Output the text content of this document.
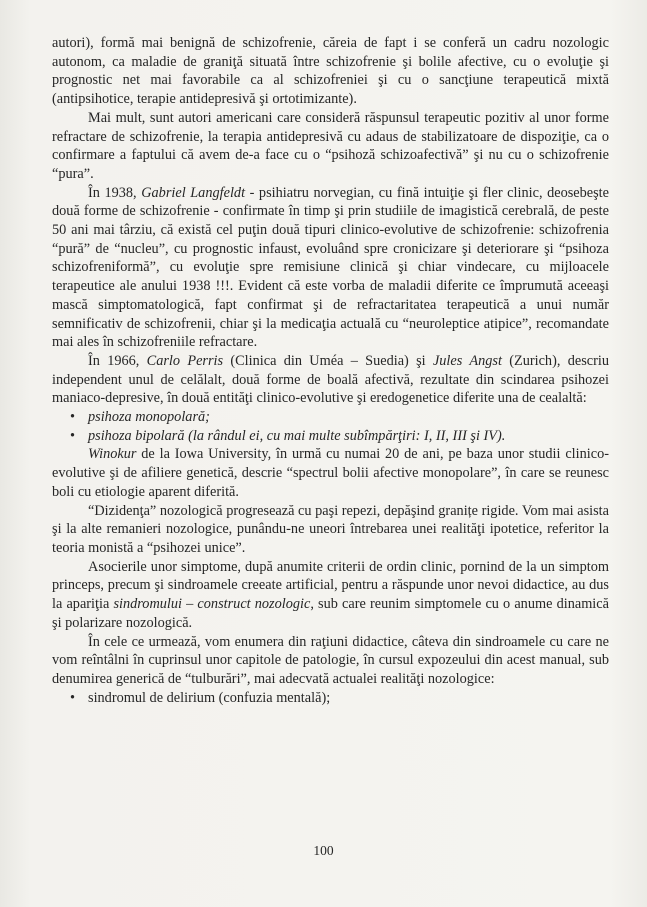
autori), formă mai benignă de schizofrenie, căreia de fapt i se conferă un cadru nozologic autonom, ca maladie de graniţă situată între schizofrenie şi bolile afective, cu o evoluţie şi prognostic net mai favorabile ca al schizofreniei şi cu o sancţiune terapeutică mixtă (antipsihotice, terapie antidepresivă şi ortotimizante).

Mai mult, sunt autori americani care consideră răspunsul terapeutic pozitiv al unor forme refractare de schizofrenie, la terapia antidepresivă cu adaus de stabilizatoare de dispoziţie, ca o confirmare a faptului că avem de-a face cu o “psihoză schizoafectivă” şi nu cu o schizofrenie “pura”.

În 1938, Gabriel Langfeldt - psihiatru norvegian, cu fină intuiţie şi fler clinic, deosebeşte două forme de schizofrenie - confirmate în timp şi prin studiile de imagistică cerebrală, de peste 50 ani mai târziu, că există cel puţin două tipuri clinico-evolutive de schizofrenie: schizofrenia “pură” de “nucleu”, cu prognostic infaust, evoluând spre cronicizare şi deteriorare şi “psihoza schizofreniformă”, cu evoluţie spre remisiune clinică şi chiar vindecare, cu mijloacele terapeutice ale anului 1938 !!!. Evident că este vorba de maladii diferite ce împrumută aceeaşi mască simptomatologică, fapt confirmat şi de refractaritatea terapeutică a unui număr semnificativ de schizofrenii, chiar şi la medicaţia actuală cu “neuroleptice atipice”, recomandate mai ales în schizofreniile refractare.

În 1966, Carlo Perris (Clinica din Uméa – Suedia) şi Jules Angst (Zurich), descriu independent unul de celălalt, două forme de boală afectivă, rezultate din scindarea psihozei maniaco-depresive, în două entităţi clinico-evolutive şi eredogenetice diferite una de cealaltă:

• psihoza monopolară;
• psihoza bipolară (la rândul ei, cu mai multe subîmpărţiri: I, II, III şi IV).

Winokur de la Iowa University, în urmă cu numai 20 de ani, pe baza unor studii clinico-evolutive şi de afiliere genetică, descrie “spectrul bolii afective monopolare”, în care se reunesc boli cu etiologie aparent diferită.

“Dizidenţa” nozologică progresează cu paşi repezi, depăşind granițe rigide. Vom mai asista şi la alte remanieri nozologice, punându-ne uneori întrebarea unei realităţi ipotetice, referitor la teoria monistă a “psihozei unice”.

Asocierile unor simptome, după anumite criterii de ordin clinic, pornind de la un simptom princeps, precum şi sindroamele creeate artificial, pentru a răspunde unor nevoi didactice, au dus la apariţia sindromului – construct nozologic, sub care reunim simptomele cu o anume dinamică şi polarizare nozologică.

În cele ce urmează, vom enumera din raţiuni didactice, câteva din sindroamele cu care ne vom reîntâlni în cuprinsul unor capitole de patologie, în cursul expozeului din acest manual, sub denumirea generică de “tulburări”, mai adecvată actualei realităţi nozologice:

• sindromul de delirium (confuzia mentală);
100
